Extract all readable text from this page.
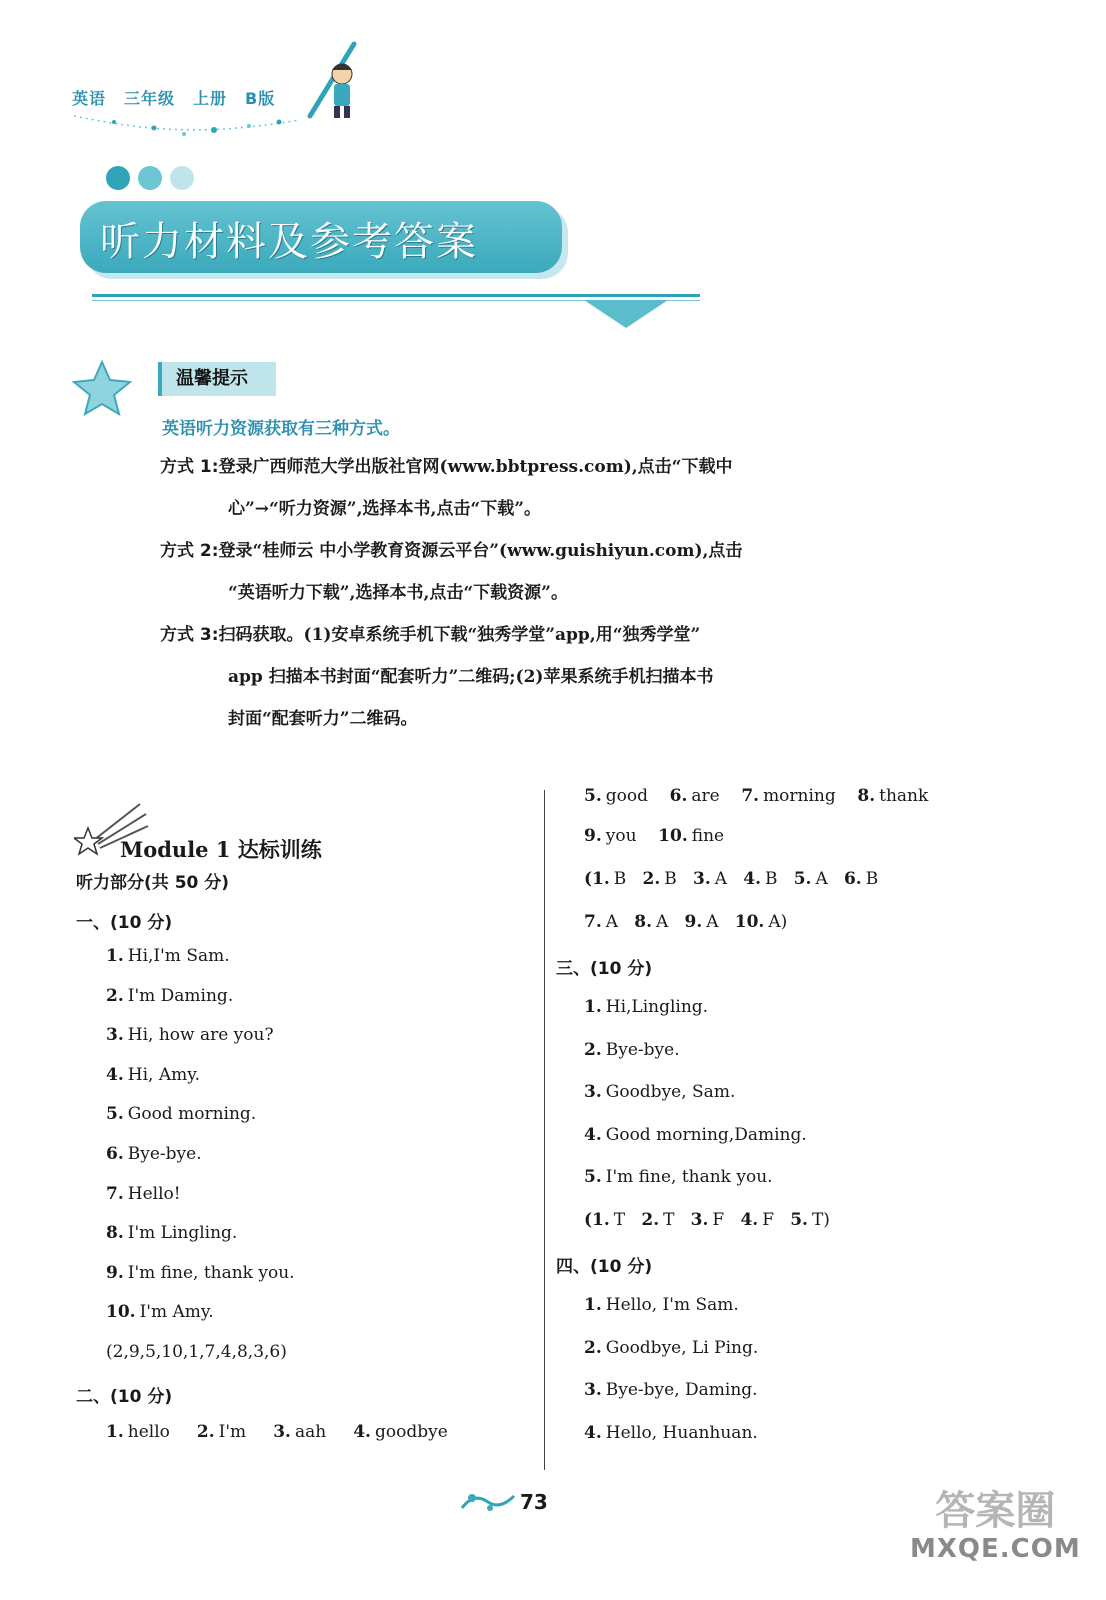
英语 三年级 上册 B版
听力材料及参考答案
温馨提示
英语听力资源获取有三种方式。
方式 1:登录广西师范大学出版社官网(www.bbtpress.com),点击“下载中
心”→“听力资源”,选择本书,点击“下载”。
方式 2:登录“桂师云 中小学教育资源云平台”(www.guishiyun.com),点击
“英语听力下载”,选择本书,点击“下载资源”。
方式 3:扫码获取。(1)安卓系统手机下载“独秀学堂”app,用“独秀学堂”
app 扫描本书封面“配套听力”二维码;(2)苹果系统手机扫描本书
封面“配套听力”二维码。
Module 1 达标训练
听力部分(共 50 分)
一、(10 分)
1. Hi,I'm Sam.
2. I'm Daming.
3. Hi, how are you?
4. Hi, Amy.
5. Good morning.
6. Bye-bye.
7. Hello!
8. I'm Lingling.
9. I'm fine, thank you.
10. I'm Amy.
(2,9,5,10,1,7,4,8,3,6)
二、(10 分)
1. hello 2. I'm 3. aah 4. goodbye
5. good 6. are 7. morning 8. thank
9. you 10. fine
(1. B 2. B 3. A 4. B 5. A 6. B
7. A 8. A 9. A 10. A)
三、(10 分)
1. Hi,Lingling.
2. Bye-bye.
3. Goodbye, Sam.
4. Good morning,Daming.
5. I'm fine, thank you.
(1. T 2. T 3. F 4. F 5. T)
四、(10 分)
1. Hello, I'm Sam.
2. Goodbye, Li Ping.
3. Bye-bye, Daming.
4. Hello, Huanhuan.
73	答案圈
MXQE.COM
